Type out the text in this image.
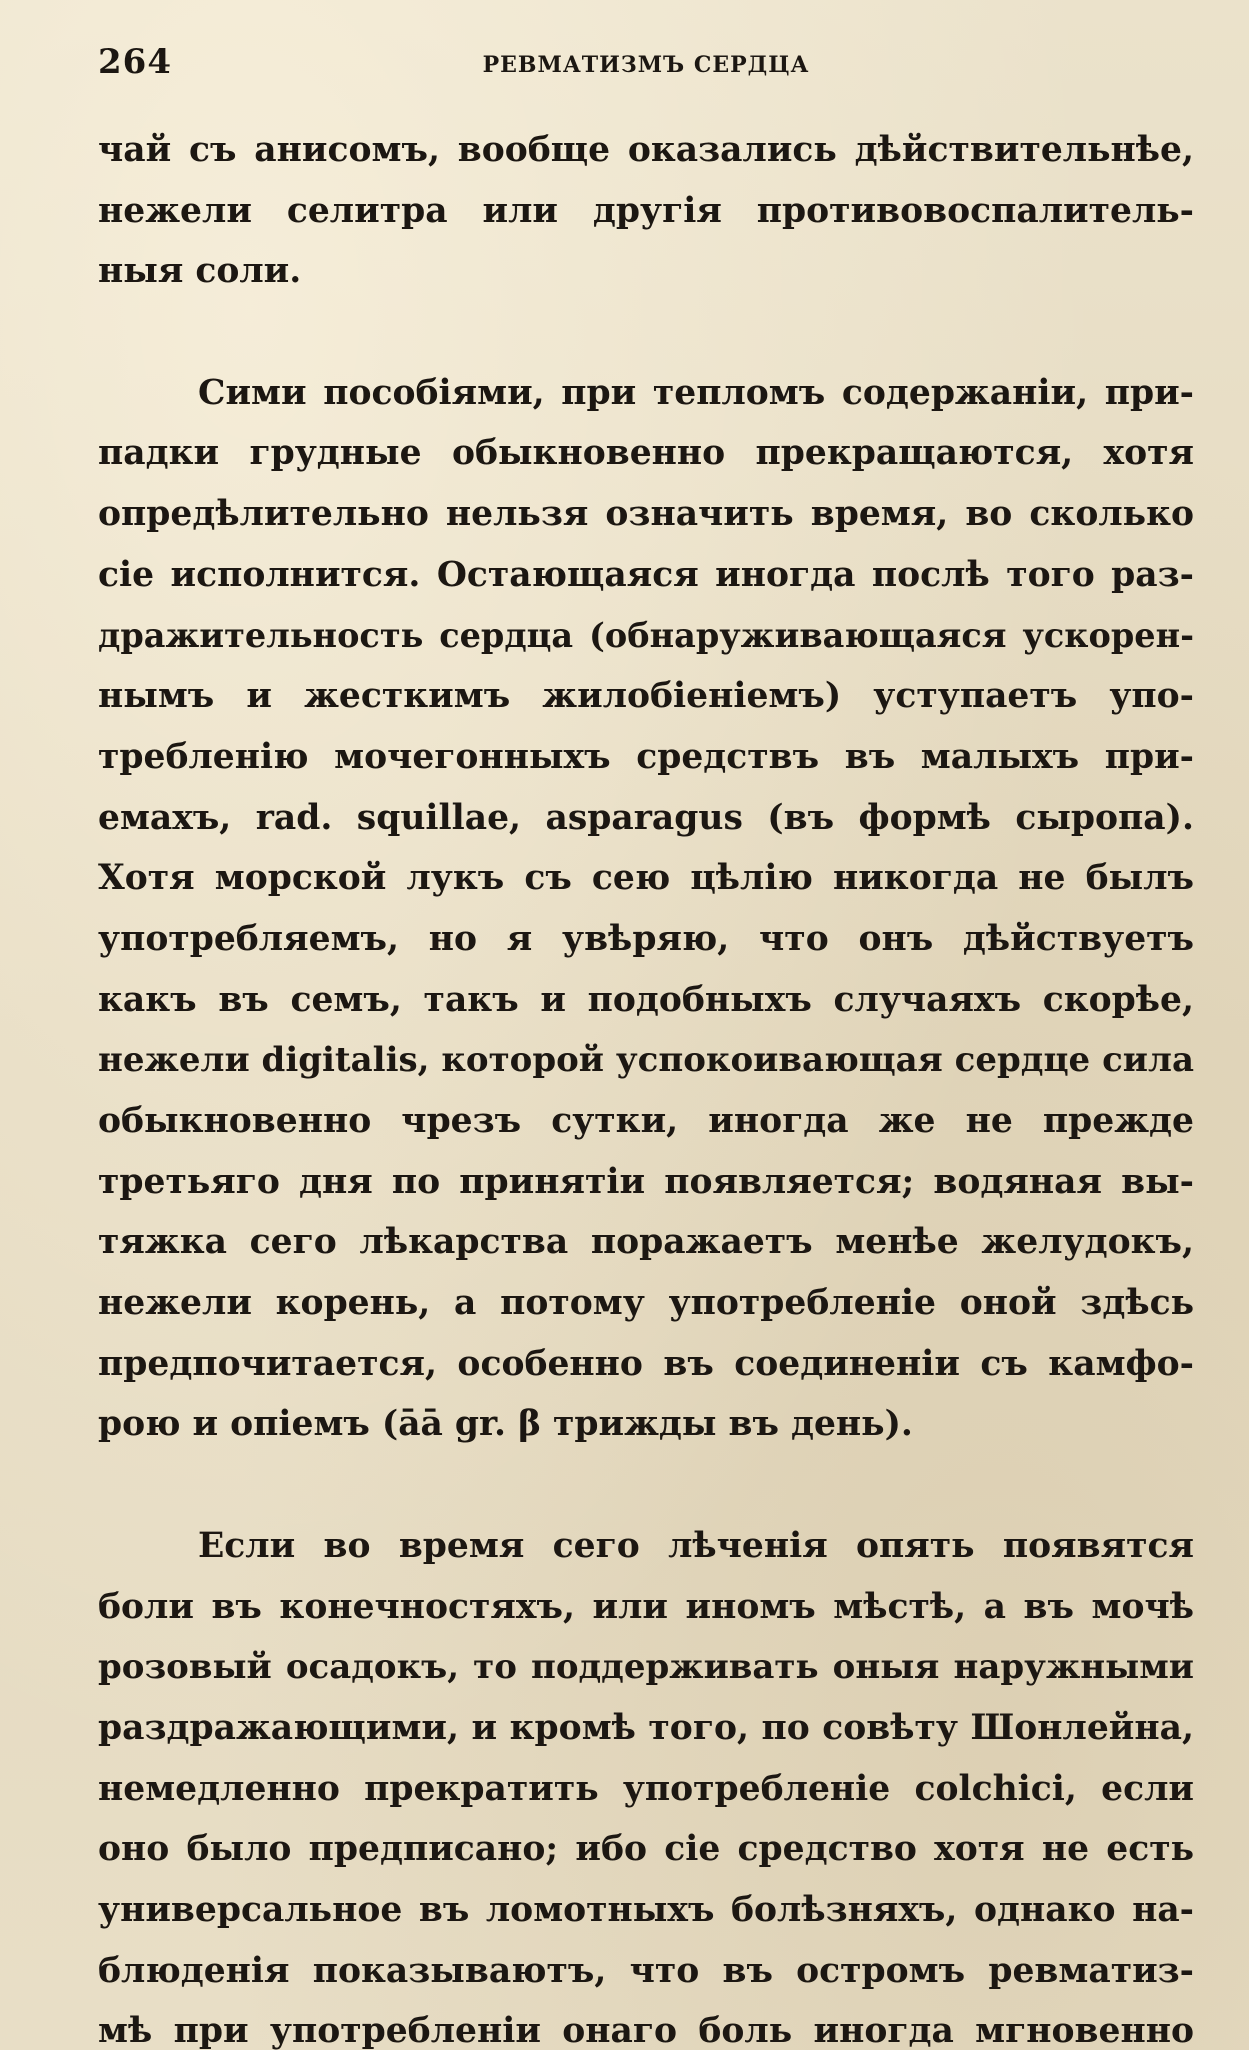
264	РЕВМАТИЗМЪ СЕРДЦА
чай съ анисомъ, вообще оказались дѣйствительнѣе,
нежели селитра или другія противовоспалитель-
ныя соли.
Сими пособіями, при тепломъ содержаніи, при-
падки грудные обыкновенно прекращаются, хотя
опредѣлительно нельзя означить время, во сколько
сіе исполнится. Остающаяся иногда послѣ того раз-
дражительность сердца (обнаруживающаяся ускорен-
нымъ и жесткимъ жилобіеніемъ) уступаетъ упо-
требленію мочегонныхъ средствъ въ малыхъ при-
емахъ, rad. squillae, asparagus (въ формѣ сыропа).
Хотя морской лукъ съ сею цѣлію никогда не былъ
употребляемъ, но я увѣряю, что онъ дѣйствуетъ
какъ въ семъ, такъ и подобныхъ случаяхъ скорѣе,
нежели digitalis, которой успокоивающая сердце сила
обыкновенно чрезъ сутки, иногда же не прежде
третьяго дня по принятіи появляется; водяная вы-
тяжка сего лѣкарства поражаетъ менѣе желудокъ,
нежели корень, а потому употребленіе оной здѣсь
предпочитается, особенно въ соединеніи съ камфо-
рою и опіемъ (āā gr. β трижды въ день).
Если во время сего лѣченія опять появятся
боли въ конечностяхъ, или иномъ мѣстѣ, а въ мочѣ
розовый осадокъ, то поддерживать оныя наружными
раздражающими, и кромѣ того, по совѣту Шонлейна,
немедленно прекратить употребленіе colchici, если
оно было предписано; ибо сіе средство хотя не есть
универсальное въ ломотныхъ болѣзняхъ, однако на-
блюденія показываютъ, что въ остромъ ревматиз-
мѣ при употребленіи онаго боль иногда мгновенно
